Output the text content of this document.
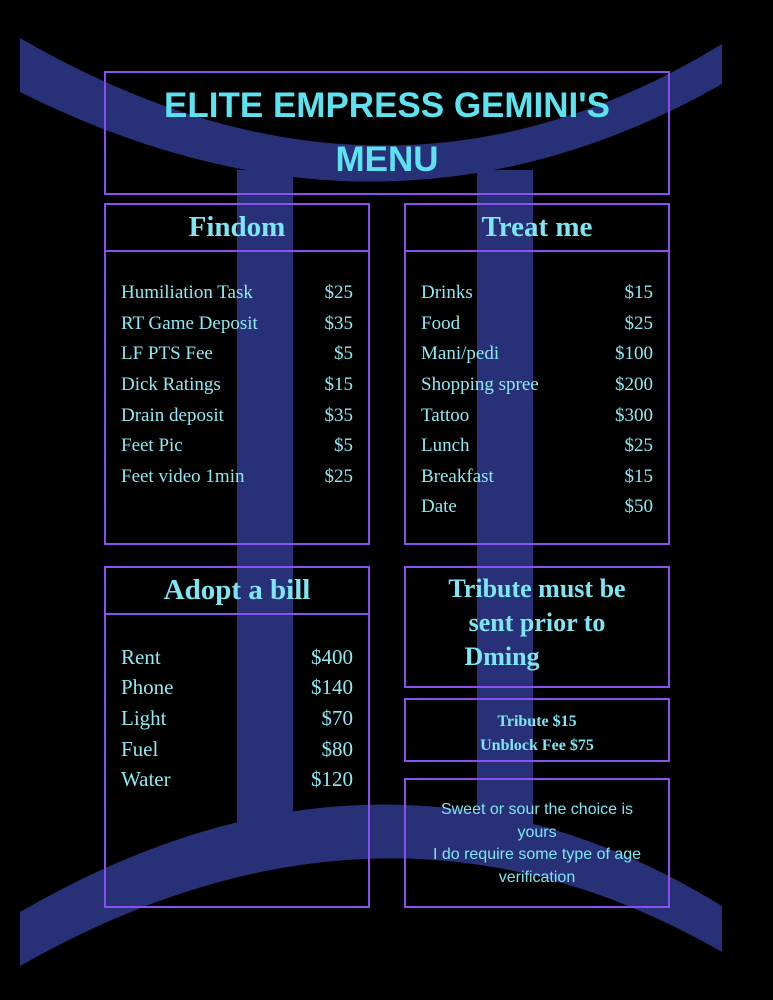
ELITE EMPRESS GEMINI'S MENU
Findom
Humiliation Task	$25
RT Game Deposit	$35
LF PTS Fee	$5
Dick Ratings	$15
Drain deposit	$35
Feet Pic	$5
Feet video 1min	$25
Treat me
Drinks	$15
Food	$25
Mani/pedi	$100
Shopping spree	$200
Tattoo	$300
Lunch	$25
Breakfast	$15
Date	$50
Adopt a bill
Rent	$400
Phone	$140
Light	$70
Fuel	$80
Water	$120
Tribute must be
sent prior to
Dming
Tribute $15
Unblock Fee $75
Sweet or sour the choice is
yours
I do require some type of age
verification
